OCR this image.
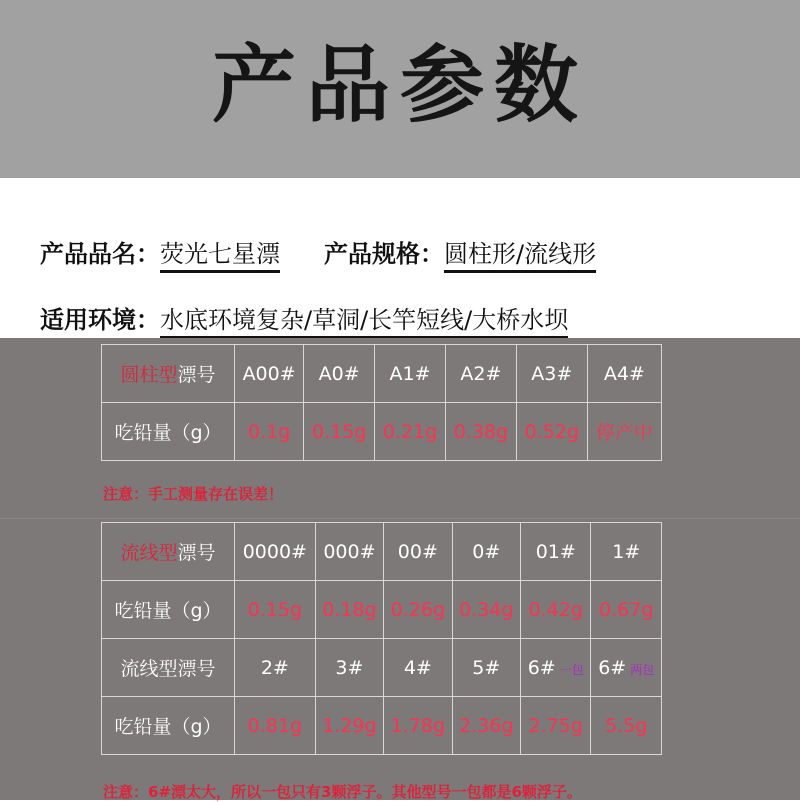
产品参数
产品品名：荧光七星漂 产品规格：圆柱形/流线形
适用环境：水底环境复杂/草洞/长竿短线/大桥水坝
圆柱型漂号	A00#	A0#	A1#	A2#	A3#	A4#
吃铅量（g）	0.1g	0.15g	0.21g	0.38g	0.52g	停产中
注意：手工测量存在误差！
流线型漂号	0000#	000#	00#	0#	01#	1#
吃铅量（g）	0.15g	0.18g	0.26g	0.34g	0.42g	0.67g
流线型漂号	2#	3#	4#	5#	6# 一包	6# 两包
吃铅量（g）	0.81g	1.29g	1.78g	2.36g	2.75g	5.5g
注意：6#漂太大，所以一包只有3颗浮子。其他型号一包都是6颗浮子。
